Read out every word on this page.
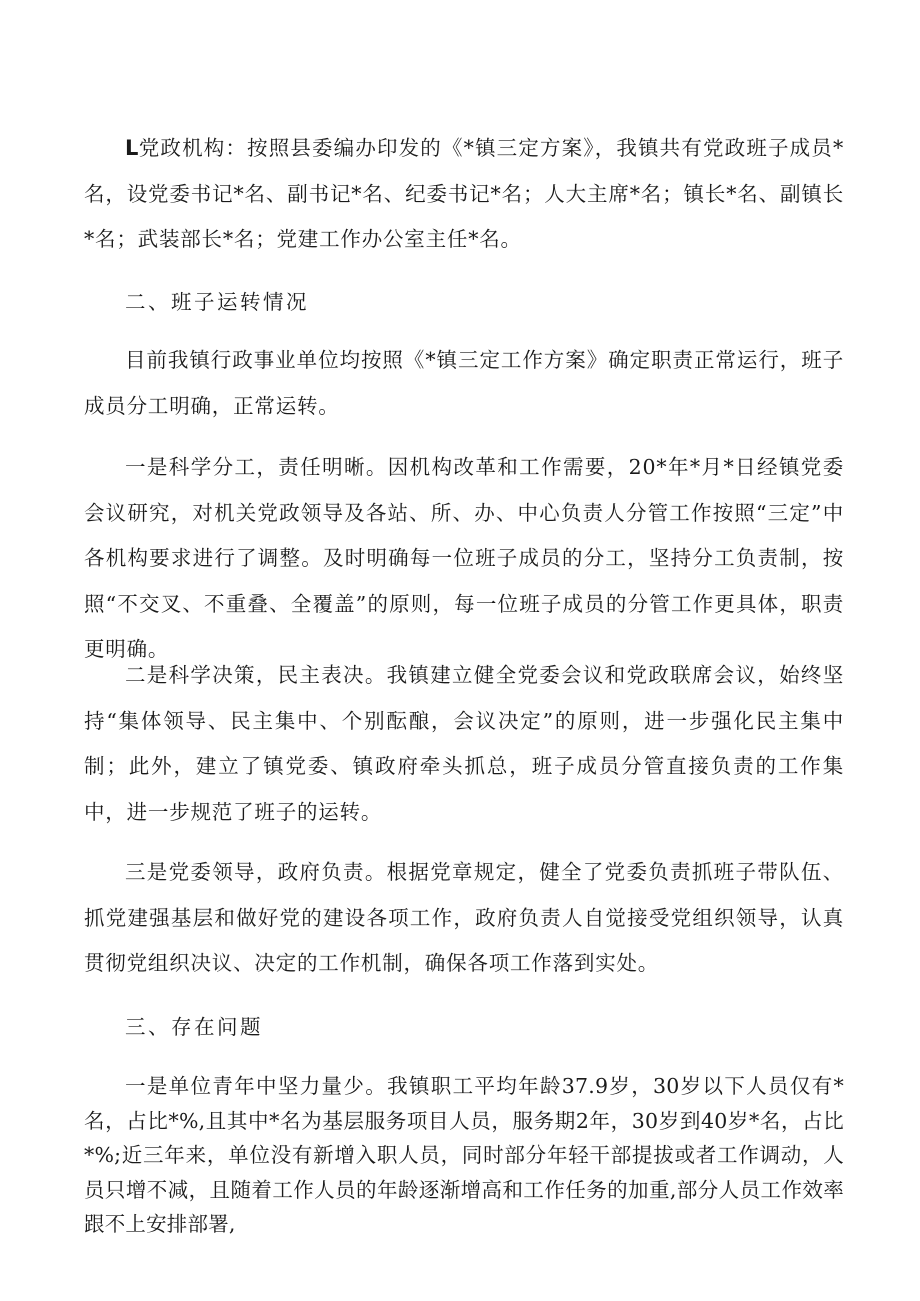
L党政机构：按照县委编办印发的《*镇三定方案》，我镇共有党政班子成员*名，设党委书记*名、副书记*名、纪委书记*名；人大主席*名；镇长*名、副镇长*名；武装部长*名；党建工作办公室主任*名。

二、班子运转情况

目前我镇行政事业单位均按照《*镇三定工作方案》确定职责正常运行，班子成员分工明确，正常运转。

一是科学分工，责任明晰。因机构改革和工作需要，20*年*月*日经镇党委会议研究，对机关党政领导及各站、所、办、中心负责人分管工作按照“三定”中各机构要求进行了调整。及时明确每一位班子成员的分工，坚持分工负责制，按照“不交叉、不重叠、全覆盖”的原则，每一位班子成员的分管工作更具体，职责更明确。

二是科学决策，民主表决。我镇建立健全党委会议和党政联席会议，始终坚持“集体领导、民主集中、个别酝酿，会议决定”的原则，进一步强化民主集中制；此外，建立了镇党委、镇政府牵头抓总，班子成员分管直接负责的工作集中，进一步规范了班子的运转。

三是党委领导，政府负责。根据党章规定，健全了党委负责抓班子带队伍、抓党建强基层和做好党的建设各项工作，政府负责人自觉接受党组织领导，认真贯彻党组织决议、决定的工作机制，确保各项工作落到实处。

三、存在问题

一是单位青年中坚力量少。我镇职工平均年龄37.9岁，30岁以下人员仅有*名，占比*%,且其中*名为基层服务项目人员，服务期2年，30岁到40岁*名，占比*%;近三年来，单位没有新增入职人员，同时部分年轻干部提拔或者工作调动，人员只增不减，且随着工作人员的年龄逐渐增高和工作任务的加重,部分人员工作效率跟不上安排部署,
